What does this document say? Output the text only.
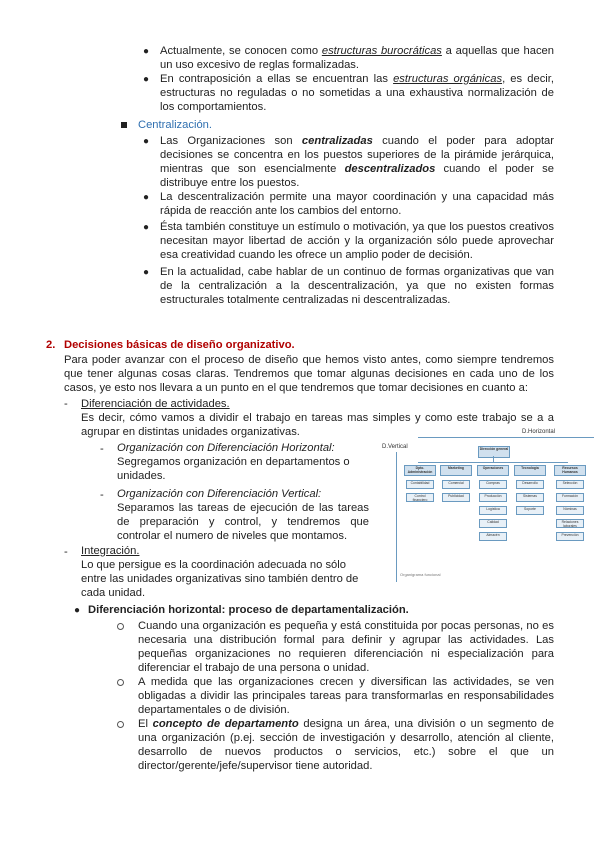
● Actualmente, se conocen como estructuras burocráticas a aquellas que hacen un uso excesivo de reglas formalizadas.
● En contraposición a ellas se encuentran las estructuras orgánicas, es decir, estructuras no reguladas o no sometidas a una exhaustiva normalización de los comportamientos.
Centralización.
● Las Organizaciones son centralizadas cuando el poder para adoptar decisiones se concentra en los puestos superiores de la pirámide jerárquica, mientras que son esencialmente descentralizados cuando el poder se distribuye entre los puestos.
● La descentralización permite una mayor coordinación y una capacidad más rápida de reacción ante los cambios del entorno.
● Ésta también constituye un estímulo o motivación, ya que los puestos creativos necesitan mayor libertad de acción y la organización sólo puede aprovechar esa creatividad cuando les ofrece un amplio poder de decisión.
● En la actualidad, cabe hablar de un continuo de formas organizativas que van de la centralización a la descentralización, ya que no existen formas estructurales totalmente centralizadas ni descentralizadas.
2. Decisiones básicas de diseño organizativo.
Para poder avanzar con el proceso de diseño que hemos visto antes, como siempre tendremos que tener algunas cosas claras. Tendremos que tomar algunas decisiones en cada uno de los casos, ye esto nos llevara a un punto en el que tendremos que tomar decisiones en cuanto a:
- Diferenciación de actividades.
Es decir, cómo vamos a dividir el trabajo en tareas mas simples y como este trabajo se a a agrupar en distintas unidades organizativas.
- Organización con Diferenciación Horizontal:
Segregamos organización en departamentos o unidades.
- Organización con Diferenciación Vertical:
Separamos las tareas de ejecución de las tareas de preparación y control, y tendremos que controlar el numero de niveles que montamos.
- Integración.
Lo que persigue es la coordinación adecuada no sólo entre las unidades organizativas sino también dentro de cada unidad.
D.Horizontal
D.Vertical	Dirección general
Dpto. Administración
Marketing	Operaciones	Tecnología	Recursos Humanos
Contabilidad
Control financiero
Comercial
Publicidad
Compras
Producción
Logística
Calidad
Almacén
Desarrollo
Sistemas
Soporte
Selección
Formación
Nóminas
Relaciones laborales
Prevención
Organigrama funcional
● Diferenciación horizontal: proceso de departamentalización.
Cuando una organización es pequeña y está constituida por pocas personas, no es necesaria una distribución formal para definir y agrupar las actividades. Las pequeñas organizaciones no requieren diferenciación ni especialización para diferenciar el trabajo de una persona o unidad.
A medida que las organizaciones crecen y diversifican las actividades, se ven obligadas a dividir las principales tareas para transformarlas en responsabilidades departamentales o de división.
El concepto de departamento designa un área, una división o un segmento de una organización (p.ej. sección de investigación y desarrollo, atención al cliente, desarrollo de nuevos productos o servicios, etc.) sobre el que un director/gerente/jefe/supervisor tiene autoridad.
